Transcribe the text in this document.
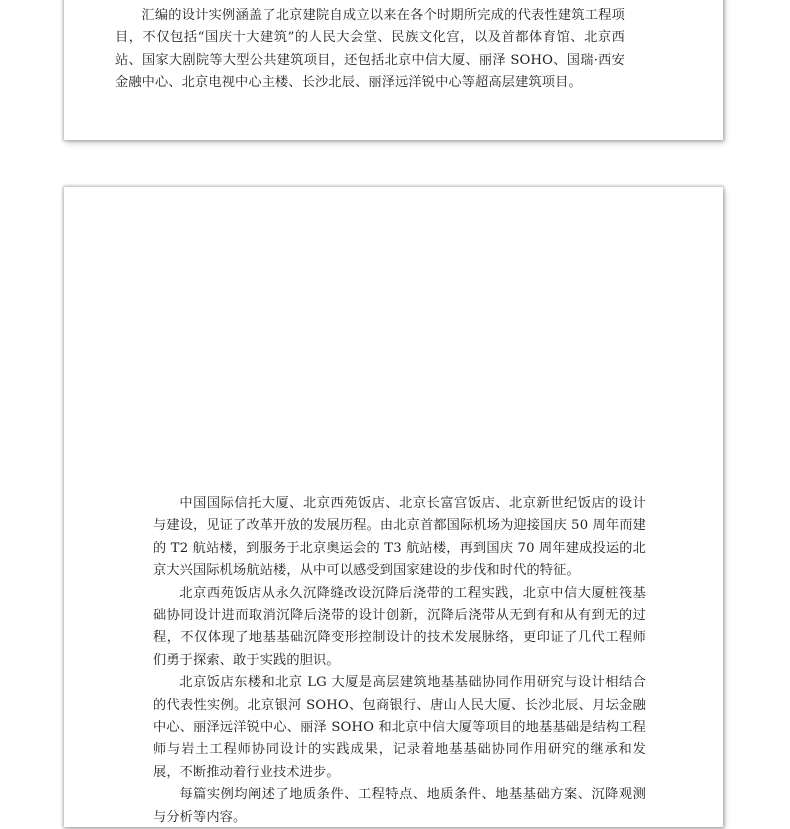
汇编的设计实例涵盖了北京建院自成立以来在各个时期所完成的代表性建筑工程项目，不仅包括“国庆十大建筑”的人民大会堂、民族文化宫，以及首都体育馆、北京西站、国家大剧院等大型公共建筑项目，还包括北京中信大厦、丽泽 SOHO、国瑞·西安金融中心、北京电视中心主楼、长沙北辰、丽泽远洋锐中心等超高层建筑项目。

中国国际信托大厦、北京西苑饭店、北京长富宫饭店、北京新世纪饭店的设计与建设，见证了改革开放的发展历程。由北京首都国际机场为迎接国庆 50 周年而建的 T2 航站楼，到服务于北京奥运会的 T3 航站楼，再到国庆 70 周年建成投运的北京大兴国际机场航站楼，从中可以感受到国家建设的步伐和时代的特征。

北京西苑饭店从永久沉降缝改设沉降后浇带的工程实践，北京中信大厦桩筏基础协同设计进而取消沉降后浇带的设计创新，沉降后浇带从无到有和从有到无的过程，不仅体现了地基基础沉降变形控制设计的技术发展脉络，更印证了几代工程师们勇于探索、敢于实践的胆识。

北京饭店东楼和北京 LG 大厦是高层建筑地基基础协同作用研究与设计相结合的代表性实例。北京银河 SOHO、包商银行、唐山人民大厦、长沙北辰、月坛金融中心、丽泽远洋锐中心、丽泽 SOHO 和北京中信大厦等项目的地基基础是结构工程师与岩土工程师协同设计的实践成果，记录着地基基础协同作用研究的继承和发展，不断推动着行业技术进步。

每篇实例均阐述了地质条件、工程特点、地质条件、地基基础方案、沉降观测与分析等内容。
